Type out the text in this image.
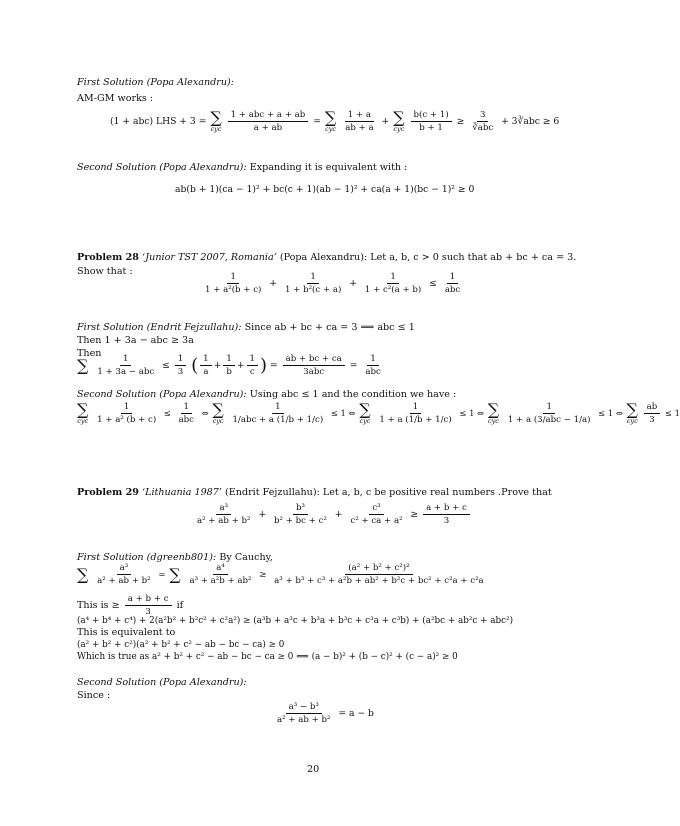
First Solution (Popa Alexandru):
AM-GM works :
(1 + abc) LHS + 3 = ∑
cyc
$\frac{\text{1 + abc + a + ab}}{a + ab}$ = ∑
cyc
$\frac{1 + a}{ab + a}$ + ∑
cyc
$\frac{b(c + 1)}{b + 1} \ge \frac{3}{\text{∛abc}}$ + 3∛abc ≥ 6
Second Solution (Popa Alexandru): Expanding it is equivalent with :
ab(b + 1)(ca − 1)² + bc(c + 1)(ab − 1)² + ca(a + 1)(bc − 1)² ≥ 0
Problem 28 ‘Junior TST 2007, Romania’ (Popa Alexandru): Let a, b, c > 0 such that ab + bc + ca = 3.
Show that :
$\frac{1}{\text{1 + a²(b + c)}} + \frac{1}{\text{1 + b²(c + a)}} + \frac{1}{\text{1 + c²(a + b)}} \le \frac{1}{\text{abc}}$
First Solution (Endrit Fejzullahu): Since ab + bc + ca = 3 ⟹ abc ≤ 1
Then 1 + 3a − abc ≥ 3a
Then
∑
$\frac{1}{\text{1 + 3a − abc}} \le \frac{1}{3}$ ( $\frac{1}{a} + \frac{1}{b} + \frac{1}{c}$ ) = $\frac{ab + bc + ca}{\text{3abc}} = \frac{1}{\text{abc}}$
Second Solution (Popa Alexandru): Using abc ≤ 1 and the condition we have :
∑
cyc
$\frac{1}{\text{1 + a² (b + c)}} \le \frac{1}{\text{abc}}$ ⇔ ∑
cyc
$\frac{1}{\text{1/abc + a (1/b + 1/c)}} \le 1$ ⇔ ∑
cyc
$\frac{1}{1 + a (1/b + 1/c)} \le 1$ ⇔ ∑
cyc
$\frac{1}{\text{1 + a (3/abc − 1/a)}} \le 1$ ⇔ ∑
cyc
$\frac{ab}{3} \le 1$
Problem 29 ‘Lithuania 1987’ (Endrit Fejzullahu): Let a, b, c be positive real numbers .Prove that
$\frac{\text{a³}}{\text{a² + ab + b²}} + \frac{\text{b³}}{\text{b² + bc + c²}} + \frac{\text{c³}}{\text{c² + ca + a²}} \ge \frac{a + b + c}{3}$
First Solution (dgreenb801): By Cauchy,
∑
$\frac{\text{a³}}{\text{a² + ab + b²}}$ = ∑
$\frac{\text{a⁴}}{\text{a³ + a²b + ab²}} \ge \frac{\text{(a² + b² + c²)²}}{\text{a³ + b³ + c³ + a²b + ab² + b²c + bc² + c²a + c²a}}$
This is ≥ $\frac{a + b + c}{3}$ if
(a⁴ + b⁴ + c⁴) + 2(a²b² + b²c² + c²a²) ≥ (a³b + a³c + b³a + b³c + c³a + c³b) + (a²bc + ab²c + abc²)
This is equivalent to
(a² + b² + c²)(a² + b² + c² − ab − bc − ca) ≥ 0
Which is true as a² + b² + c² − ab − bc − ca ≥ 0 ⟺ (a − b)² + (b − c)² + (c − a)² ≥ 0
Second Solution (Popa Alexandru):
Since :
$\frac{\text{a³ − b³}}{\text{a² + ab + b²}} = a - b$
20
